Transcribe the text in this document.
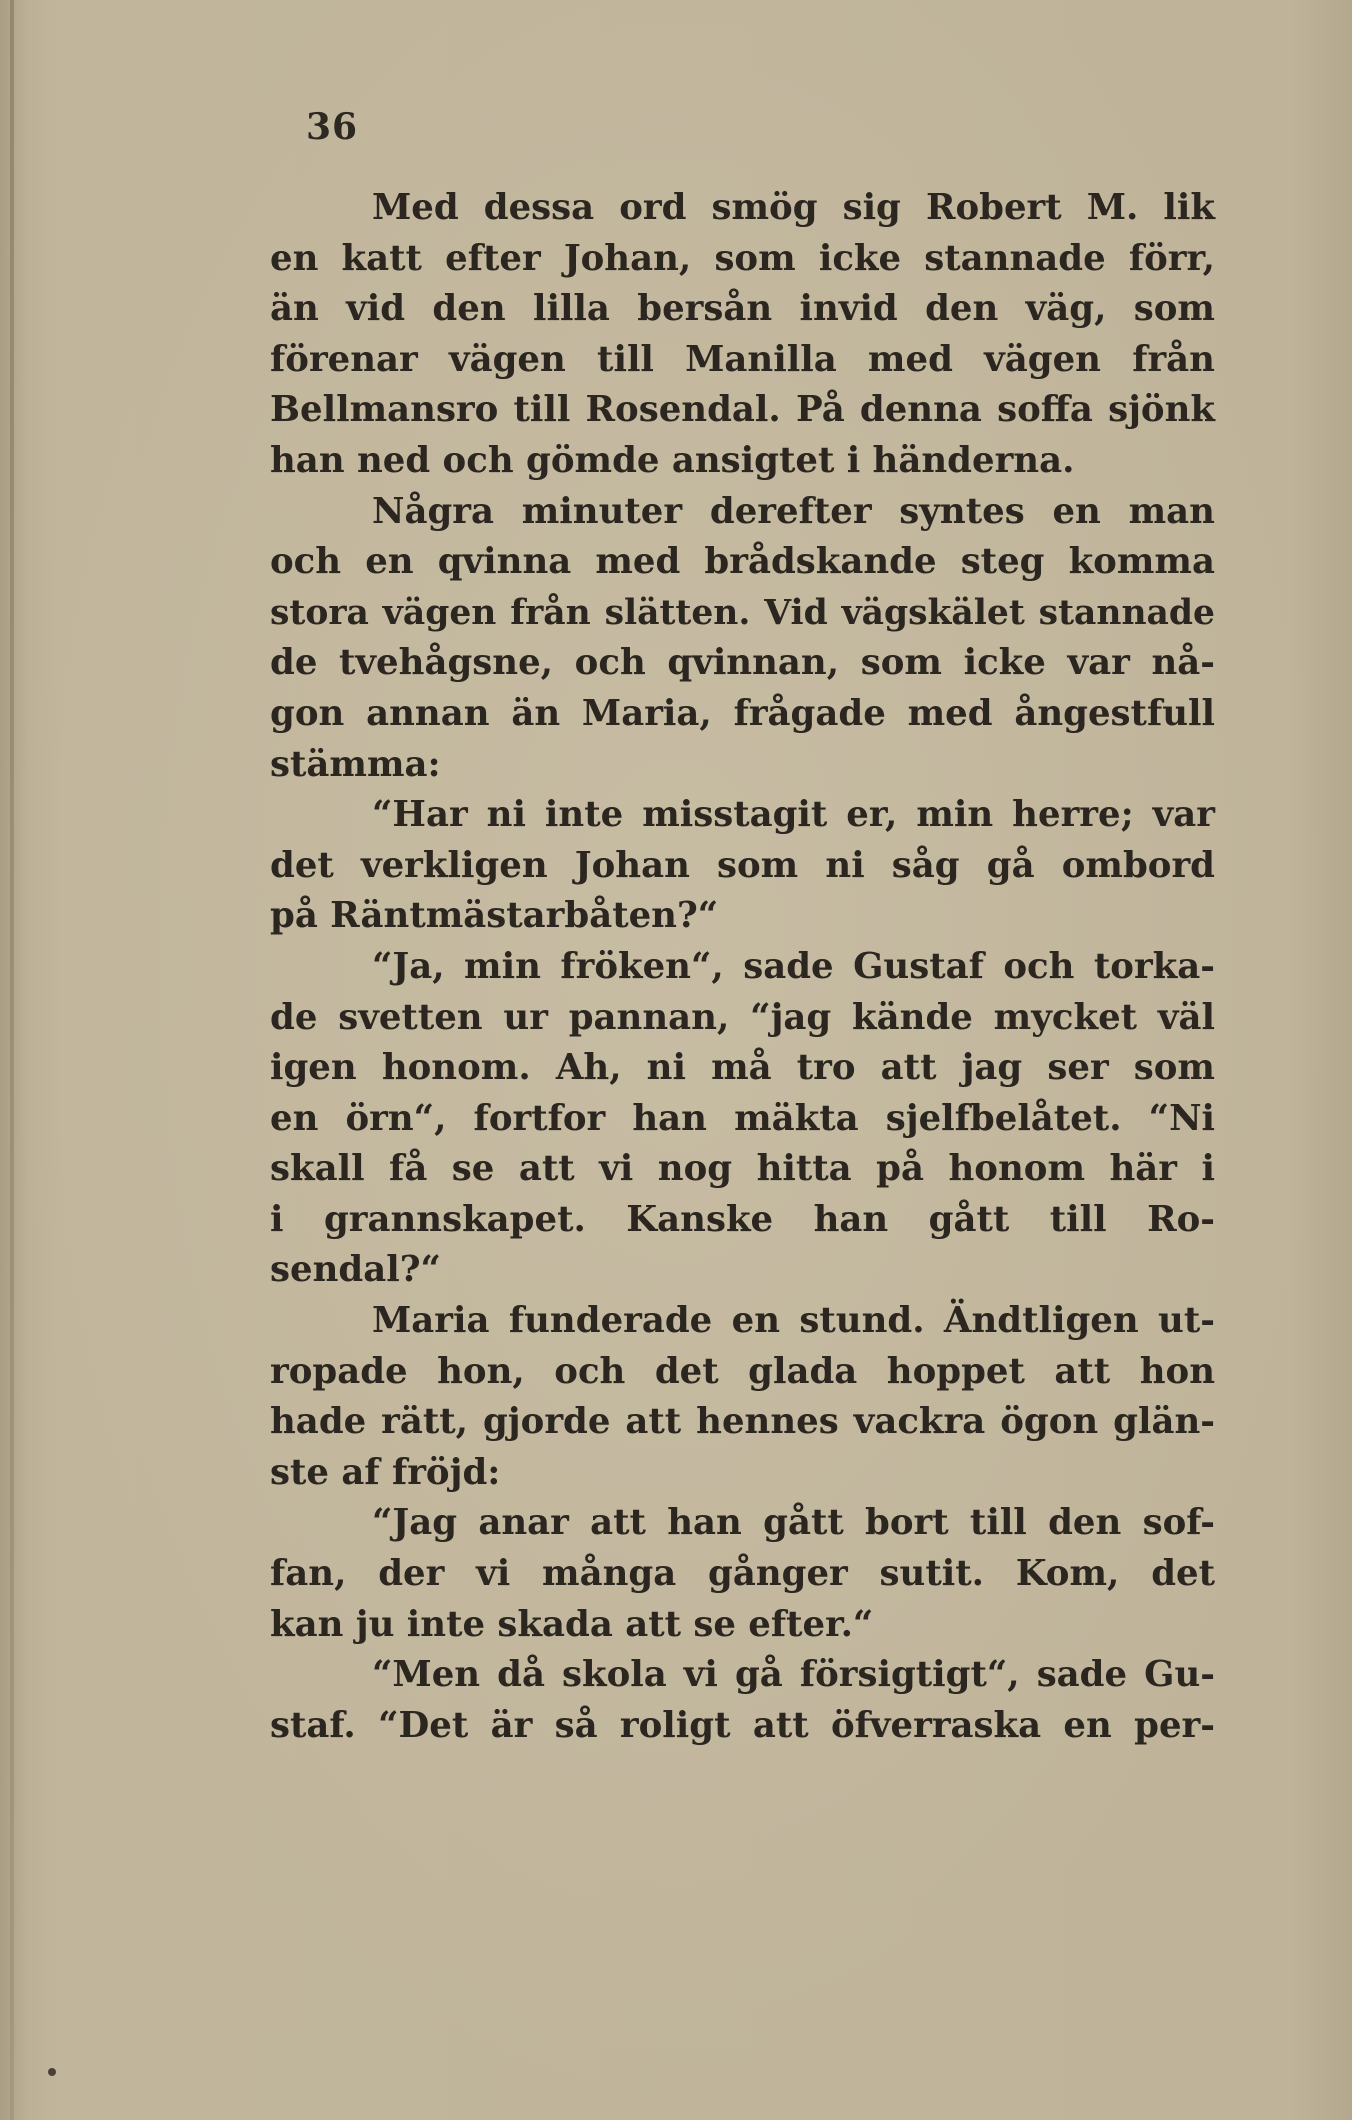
36
Med dessa ord smög sig Robert M. lik
en katt efter Johan, som icke stannade förr,
än vid den lilla bersån invid den väg, som
förenar vägen till Manilla med vägen från
Bellmansro till Rosendal. På denna soffa sjönk
han ned och gömde ansigtet i händerna.
Några minuter derefter syntes en man
och en qvinna med brådskande steg komma
stora vägen från slätten. Vid vägskälet stannade
de tvehågsne, och qvinnan, som icke var nå-
gon annan än Maria, frågade med ångestfull
stämma:
“Har ni inte misstagit er, min herre; var
det verkligen Johan som ni såg gå ombord
på Räntmästarbåten?“
“Ja, min fröken“, sade Gustaf och torka-
de svetten ur pannan, “jag kände mycket väl
igen honom. Ah, ni må tro att jag ser som
en örn“, fortfor han mäkta sjelfbelåtet. “Ni
skall få se att vi nog hitta på honom här i
i grannskapet. Kanske han gått till Ro-
sendal?“
Maria funderade en stund. Ändtligen ut-
ropade hon, och det glada hoppet att hon
hade rätt, gjorde att hennes vackra ögon glän-
ste af fröjd:
“Jag anar att han gått bort till den sof-
fan, der vi många gånger sutit. Kom, det
kan ju inte skada att se efter.“
“Men då skola vi gå försigtigt“, sade Gu-
staf. “Det är så roligt att öfverraska en per-
